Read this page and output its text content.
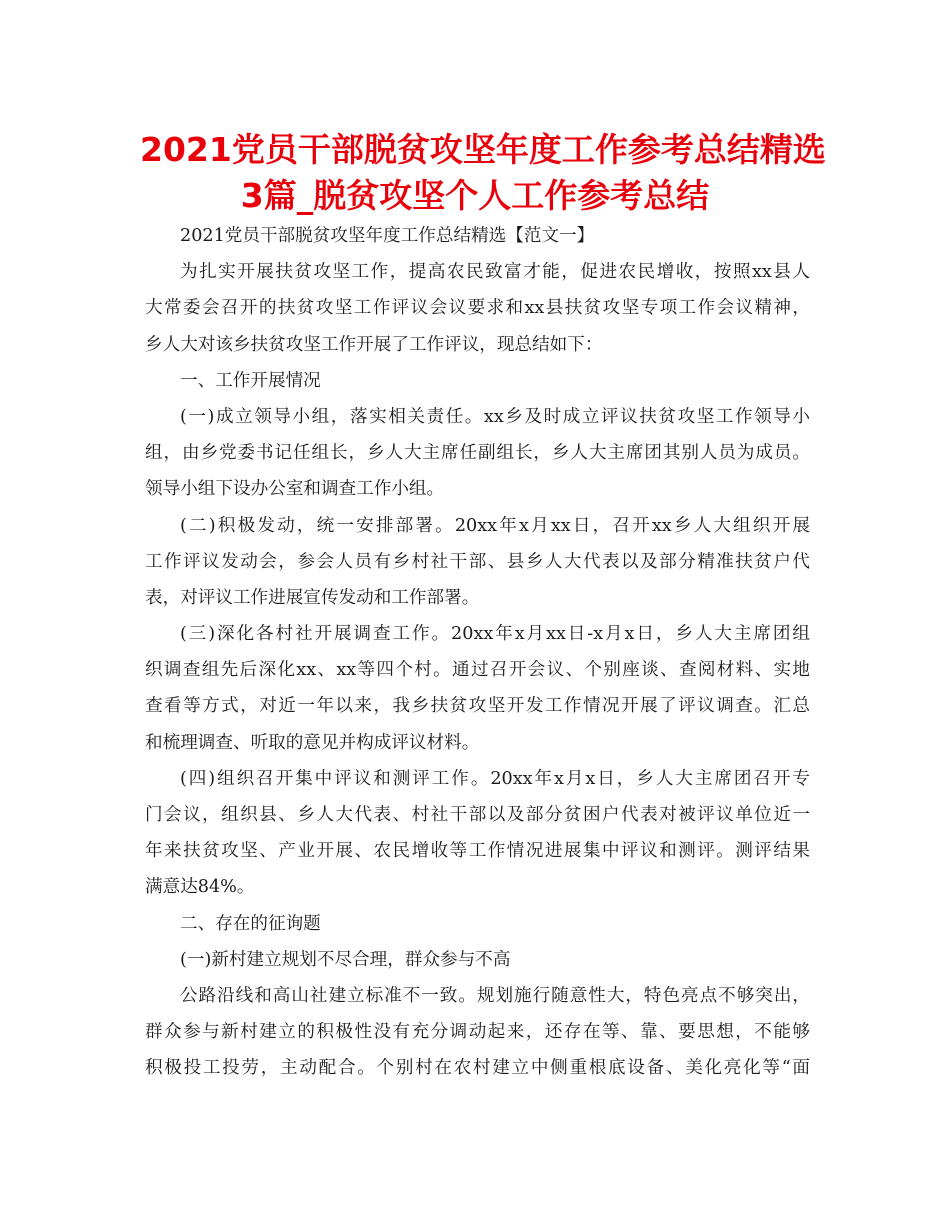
2021党员干部脱贫攻坚年度工作参考总结精选
3篇_脱贫攻坚个人工作参考总结
2021党员干部脱贫攻坚年度工作总结精选【范文一】
为扎实开展扶贫攻坚工作，提高农民致富才能，促进农民增收，按照xx县人
大常委会召开的扶贫攻坚工作评议会议要求和xx县扶贫攻坚专项工作会议精神，
乡人大对该乡扶贫攻坚工作开展了工作评议，现总结如下：
一、工作开展情况
(一)成立领导小组，落实相关责任。xx乡及时成立评议扶贫攻坚工作领导小
组，由乡党委书记任组长，乡人大主席任副组长，乡人大主席团其别人员为成员。
领导小组下设办公室和调查工作小组。
(二)积极发动，统一安排部署。20xx年x月xx日，召开xx乡人大组织开展
工作评议发动会，参会人员有乡村社干部、县乡人大代表以及部分精准扶贫户代
表，对评议工作进展宣传发动和工作部署。
(三)深化各村社开展调查工作。20xx年x月xx日-x月x日，乡人大主席团组
织调查组先后深化xx、xx等四个村。通过召开会议、个别座谈、查阅材料、实地
查看等方式，对近一年以来，我乡扶贫攻坚开发工作情况开展了评议调查。汇总
和梳理调查、听取的意见并构成评议材料。
(四)组织召开集中评议和测评工作。20xx年x月x日，乡人大主席团召开专
门会议，组织县、乡人大代表、村社干部以及部分贫困户代表对被评议单位近一
年来扶贫攻坚、产业开展、农民增收等工作情况进展集中评议和测评。测评结果
满意达84%。
二、存在的征询题
(一)新村建立规划不尽合理，群众参与不高
公路沿线和高山社建立标准不一致。规划施行随意性大，特色亮点不够突出，
群众参与新村建立的积极性没有充分调动起来，还存在等、靠、要思想，不能够
积极投工投劳，主动配合。个别村在农村建立中侧重根底设备、美化亮化等“面
